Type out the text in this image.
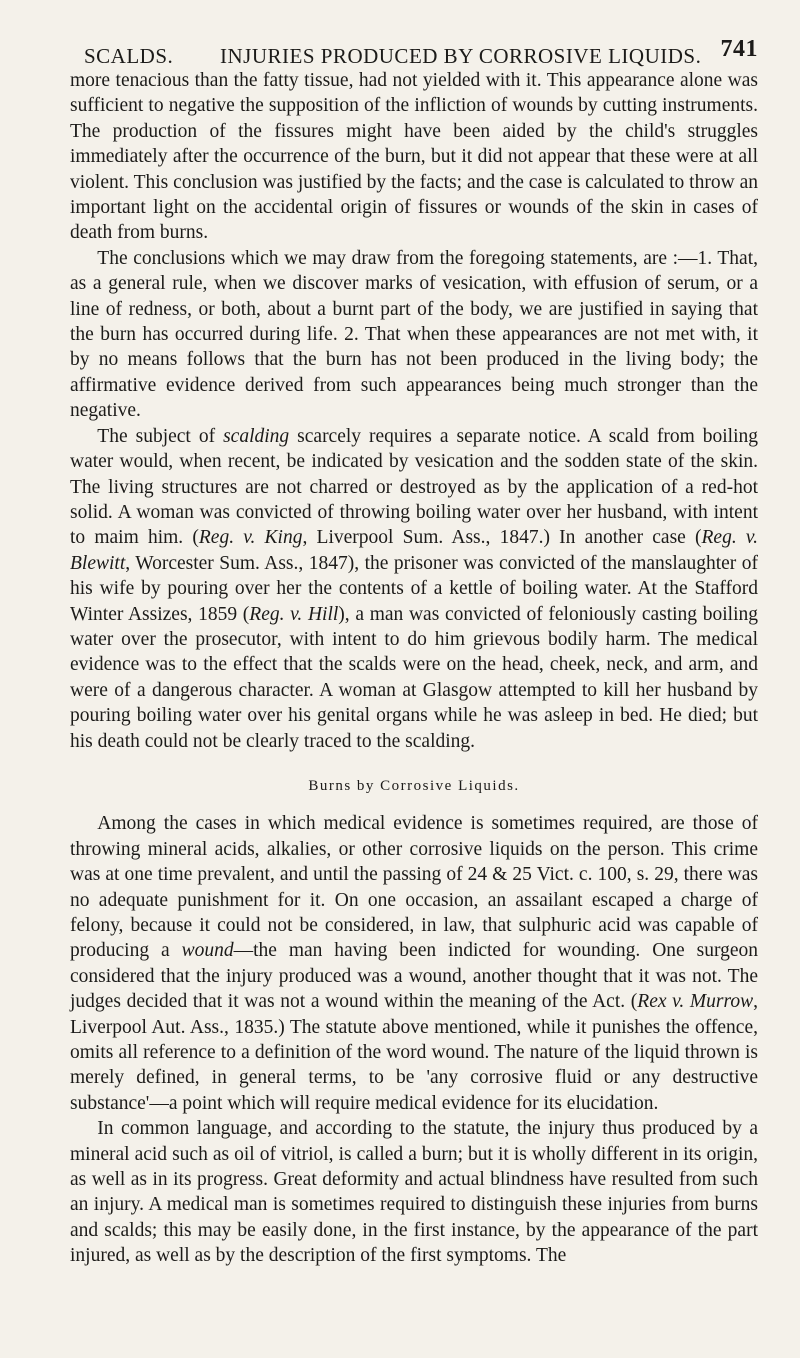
SCALDS. INJURIES PRODUCED BY CORROSIVE LIQUIDS. 741

more tenacious than the fatty tissue, had not yielded with it. This appearance alone was sufficient to negative the supposition of the infliction of wounds by cutting instruments. The production of the fissures might have been aided by the child's struggles immediately after the occurrence of the burn, but it did not appear that these were at all violent. This conclusion was justified by the facts; and the case is calculated to throw an important light on the accidental origin of fissures or wounds of the skin in cases of death from burns.

The conclusions which we may draw from the foregoing statements, are :—1. That, as a general rule, when we discover marks of vesication, with effusion of serum, or a line of redness, or both, about a burnt part of the body, we are justified in saying that the burn has occurred during life. 2. That when these appearances are not met with, it by no means follows that the burn has not been produced in the living body; the affirmative evidence derived from such appearances being much stronger than the negative.

The subject of scalding scarcely requires a separate notice. A scald from boiling water would, when recent, be indicated by vesication and the sodden state of the skin. The living structures are not charred or destroyed as by the application of a red-hot solid. A woman was convicted of throwing boiling water over her husband, with intent to maim him. (Reg. v. King, Liverpool Sum. Ass., 1847.) In another case (Reg. v. Blewitt, Worcester Sum. Ass., 1847), the prisoner was convicted of the manslaughter of his wife by pouring over her the contents of a kettle of boiling water. At the Stafford Winter Assizes, 1859 (Reg. v. Hill), a man was convicted of feloniously casting boiling water over the prosecutor, with intent to do him grievous bodily harm. The medical evidence was to the effect that the scalds were on the head, cheek, neck, and arm, and were of a dangerous character. A woman at Glasgow attempted to kill her husband by pouring boiling water over his genital organs while he was asleep in bed. He died; but his death could not be clearly traced to the scalding.

Burns by Corrosive Liquids.

Among the cases in which medical evidence is sometimes required, are those of throwing mineral acids, alkalies, or other corrosive liquids on the person. This crime was at one time prevalent, and until the passing of 24 & 25 Vict. c. 100, s. 29, there was no adequate punishment for it. On one occasion, an assailant escaped a charge of felony, because it could not be considered, in law, that sulphuric acid was capable of producing a wound—the man having been indicted for wounding. One surgeon considered that the injury produced was a wound, another thought that it was not. The judges decided that it was not a wound within the meaning of the Act. (Rex v. Murrow, Liverpool Aut. Ass., 1835.) The statute above mentioned, while it punishes the offence, omits all reference to a definition of the word wound. The nature of the liquid thrown is merely defined, in general terms, to be 'any corrosive fluid or any destructive substance'—a point which will require medical evidence for its elucidation.

In common language, and according to the statute, the injury thus produced by a mineral acid such as oil of vitriol, is called a burn; but it is wholly different in its origin, as well as in its progress. Great deformity and actual blindness have resulted from such an injury. A medical man is sometimes required to distinguish these injuries from burns and scalds; this may be easily done, in the first instance, by the appearance of the part injured, as well as by the description of the first symptoms. The
